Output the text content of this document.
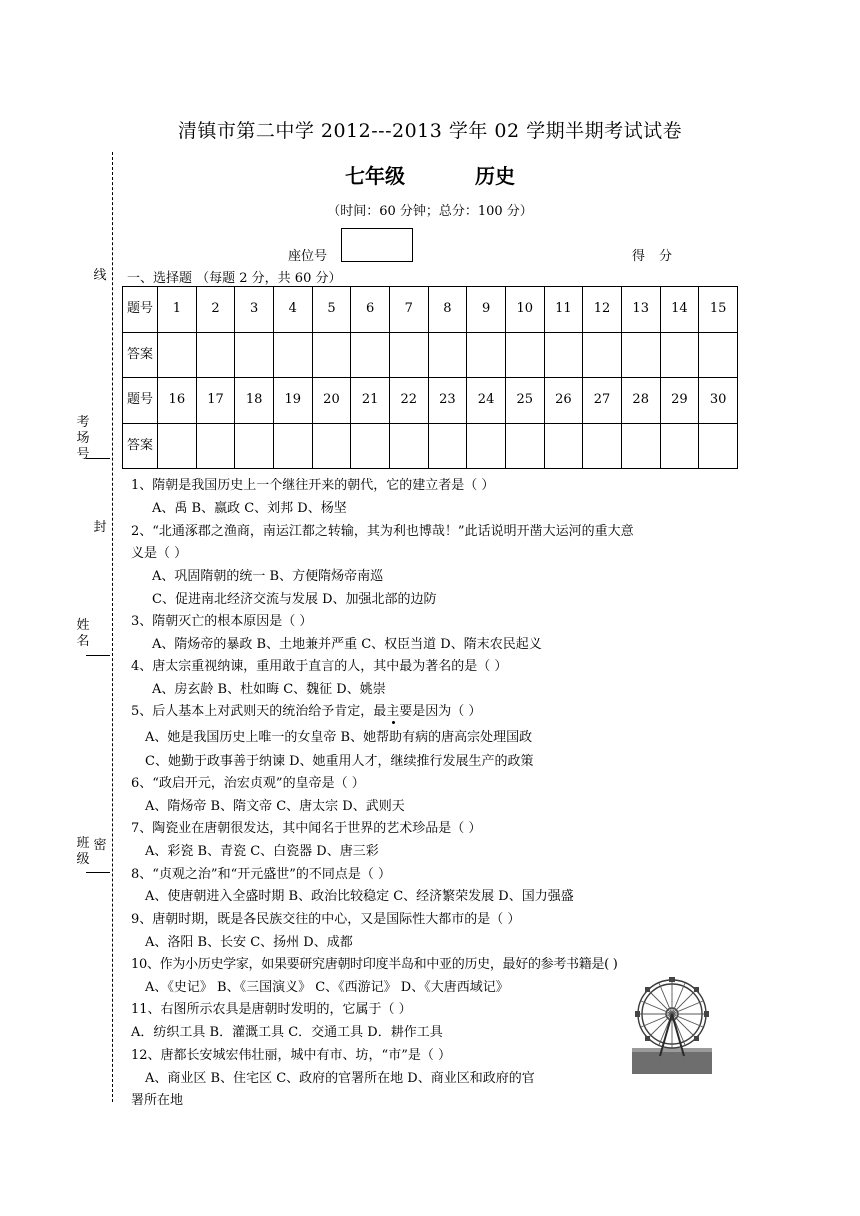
清镇市第二中学 2012---2013 学年 02 学期半期考试试卷
七年级	历史
（时间：60 分钟；总分：100 分）
座位号	得分
线
封
密
考场号
姓名
班级
一、选择题 （每题 2 分，共 60 分）
题号	1	2	3	4	5	6	7	8	9	10	11	12	13	14	15
答案															
题号	16	17	18	19	20	21	22	23	24	25	26	27	28	29	30
答案															
1、隋朝是我国历史上一个继往开来的朝代，它的建立者是（ ）
A、禹 B、嬴政 C、刘邦 D、杨坚
2、“北通涿郡之渔商，南运江都之转输，其为利也博哉！”此话说明开凿大运河的重大意
义是（ ）
A、巩固隋朝的统一 B、方便隋炀帝南巡
C、促进南北经济交流与发展 D、加强北部的边防
3、隋朝灭亡的根本原因是（ ）
A、隋炀帝的暴政 B、土地兼并严重 C、权臣当道 D、隋末农民起义
4、唐太宗重视纳谏，重用敢于直言的人，其中最为著名的是（ ）
A、房玄龄 B、杜如晦 C、魏征 D、姚崇
5、后人基本上对武则天的统治给予肯定，最主要是因为（ ）
A、她是我国历史上唯一的女皇帝 B、她帮助有病的唐高宗处理国政
C、她勤于政事善于纳谏 D、她重用人才，继续推行发展生产的政策
6、“政启开元，治宏贞观”的皇帝是（ ）
A、隋炀帝 B、隋文帝 C、唐太宗 D、武则天
7、陶瓷业在唐朝很发达，其中闻名于世界的艺术珍品是（ ）
A、彩瓷 B、青瓷 C、白瓷器 D、唐三彩
8、“贞观之治”和“开元盛世”的不同点是（ ）
A、使唐朝进入全盛时期 B、政治比较稳定 C、经济繁荣发展 D、国力强盛
9、唐朝时期，既是各民族交往的中心，又是国际性大都市的是（ ）
A、洛阳 B、长安 C、扬州 D、成都
10、作为小历史学家，如果要研究唐朝时印度半岛和中亚的历史，最好的参考书籍是( )
A、《史记》 B、《三国演义》 C、《西游记》 D、《大唐西域记》
11、右图所示农具是唐朝时发明的，它属于（ ）
A．纺织工具 B．灌溉工具 C．交通工具 D．耕作工具
12、唐都长安城宏伟壮丽，城中有市、坊，“市”是（ ）
A、商业区 B、住宅区 C、政府的官署所在地 D、商业区和政府的官
署所在地
